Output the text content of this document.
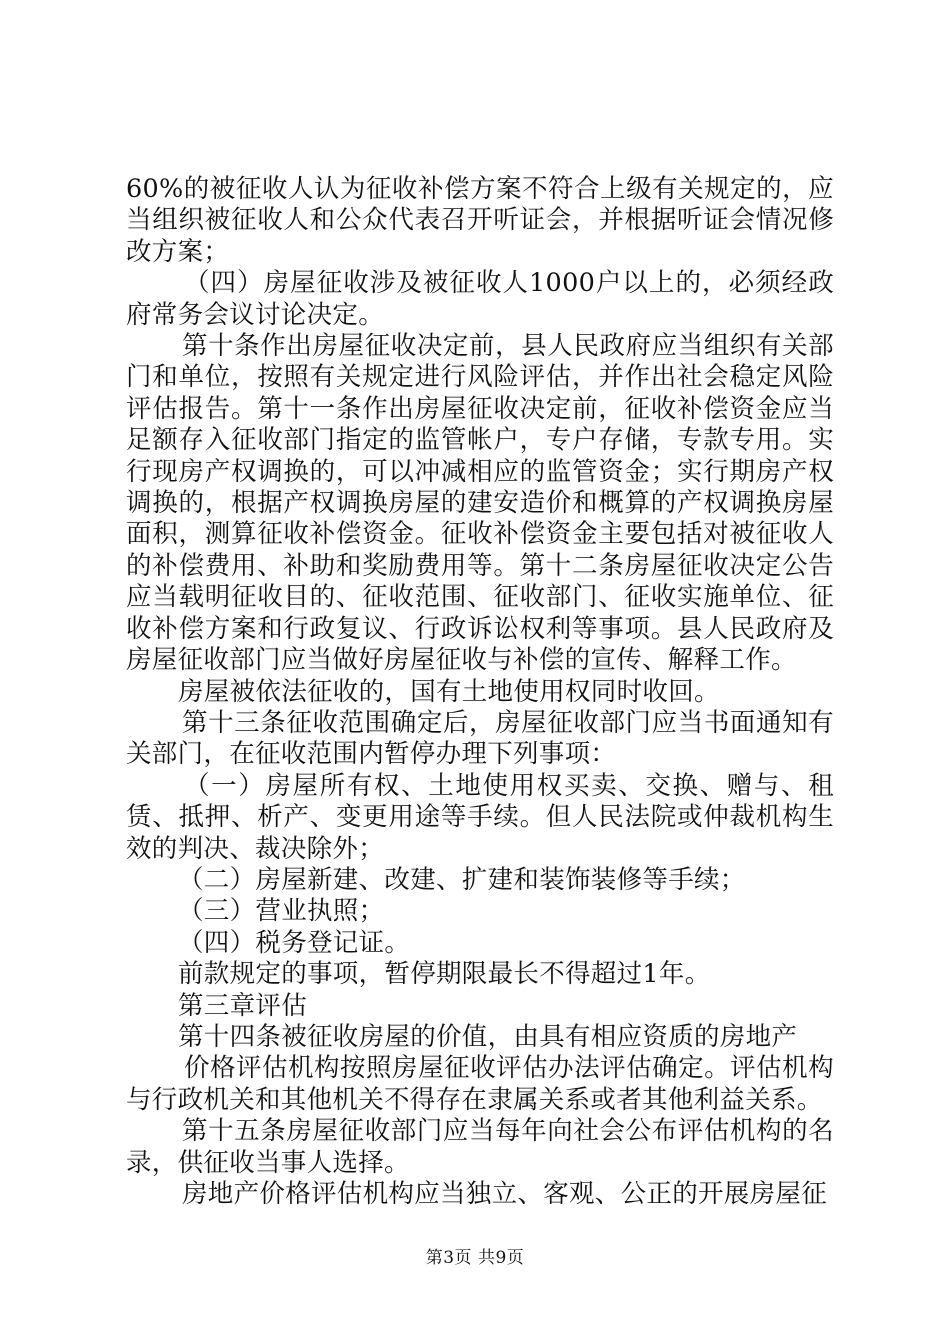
60%的被征收人认为征收补偿方案不符合上级有关规定的，应当组织被征收人和公众代表召开听证会，并根据听证会情况修改方案；

（四）房屋征收涉及被征收人1000户以上的，必须经政府常务会议讨论决定。

第十条作出房屋征收决定前，县人民政府应当组织有关部门和单位，按照有关规定进行风险评估，并作出社会稳定风险评估报告。第十一条作出房屋征收决定前，征收补偿资金应当足额存入征收部门指定的监管帐户，专户存储，专款专用。实行现房产权调换的，可以冲减相应的监管资金；实行期房产权调换的，根据产权调换房屋的建安造价和概算的产权调换房屋面积，测算征收补偿资金。征收补偿资金主要包括对被征收人的补偿费用、补助和奖励费用等。第十二条房屋征收决定公告应当载明征收目的、征收范围、征收部门、征收实施单位、征收补偿方案和行政复议、行政诉讼权利等事项。县人民政府及房屋征收部门应当做好房屋征收与补偿的宣传、解释工作。

房屋被依法征收的，国有土地使用权同时收回。

第十三条征收范围确定后，房屋征收部门应当书面通知有关部门，在征收范围内暂停办理下列事项：

（一）房屋所有权、土地使用权买卖、交换、赠与、租赁、抵押、析产、变更用途等手续。但人民法院或仲裁机构生效的判决、裁决除外；

（二）房屋新建、改建、扩建和装饰装修等手续；

（三）营业执照；

（四）税务登记证。

前款规定的事项，暂停期限最长不得超过1年。

第三章评估

第十四条被征收房屋的价值，由具有相应资质的房地产

价格评估机构按照房屋征收评估办法评估确定。评估机构与行政机关和其他机关不得存在隶属关系或者其他利益关系。

第十五条房屋征收部门应当每年向社会公布评估机构的名录，供征收当事人选择。

房地产价格评估机构应当独立、客观、公正的开展房屋征

第3页 共9页
